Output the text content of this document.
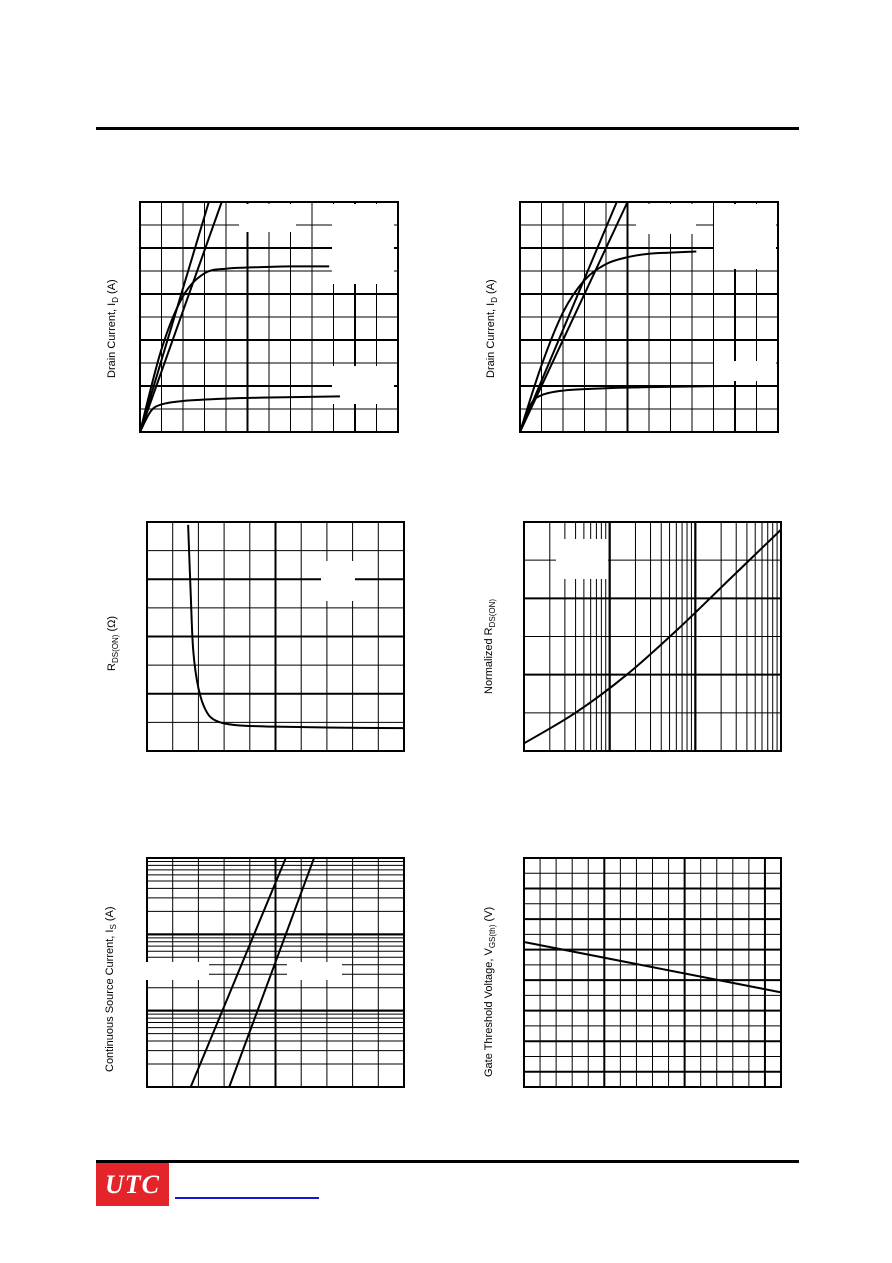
Drain Current, $I_D$ (A)
Drain Current, $I_D$ (A)
$R_{DS(ON)}$ (Ω)
Normalized $R_{DS(ON)}$
Continuous Source Current, $I_S$ (A)
Gate Threshold Voltage, $V_{GS(th)}$ (V)
UTC
